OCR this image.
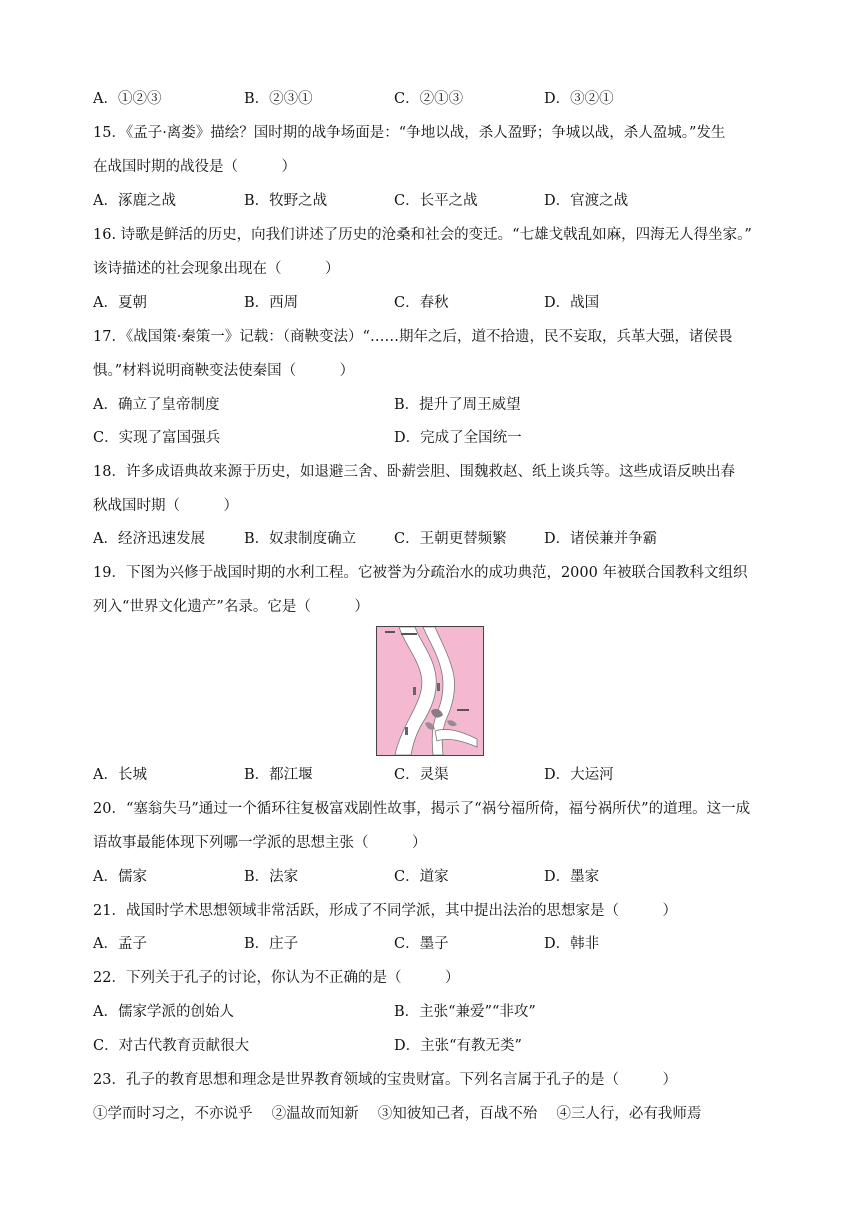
A．①②③	B．②③①	C．②①③	D．③②①
15．《孟子·离娄》描绘？国时期的战争场面是：“争地以战，杀人盈野；争城以战，杀人盈城。”发生
在战国时期的战役是（　　　）
A．涿鹿之战	B．牧野之战	C．长平之战	D．官渡之战
16. 诗歌是鲜活的历史，向我们讲述了历史的沧桑和社会的变迁。“七雄戈戟乱如麻，四海无人得坐家。”
该诗描述的社会现象出现在（　　　）
A．夏朝	B．西周	C．春秋	D．战国
17．《战国策·秦策一》记载：（商鞅变法）“……期年之后，道不拾遗，民不妄取，兵革大强，诸侯畏
惧。”材料说明商鞅变法使秦国（　　　）
A．确立了皇帝制度	B．提升了周王威望
C．实现了富国强兵	D．完成了全国统一
18．许多成语典故来源于历史，如退避三舍、卧薪尝胆、围魏救赵、纸上谈兵等。这些成语反映出春
秋战国时期（　　　）
A．经济迅速发展	B．奴隶制度确立	C．王朝更替频繁	D．诸侯兼并争霸
19．下图为兴修于战国时期的水利工程。它被誉为分疏治水的成功典范，2000 年被联合国教科文组织
列入“世界文化遗产”名录。它是（　　　）
A．长城	B．都江堰	C．灵渠	D．大运河
20．“塞翁失马”通过一个循环往复极富戏剧性故事，揭示了“祸兮福所倚，福兮祸所伏”的道理。这一成
语故事最能体现下列哪一学派的思想主张（　　　）
A．儒家	B．法家	C．道家	D．墨家
21．战国时学术思想领域非常活跃，形成了不同学派，其中提出法治的思想家是（　　　）
A．孟子	B．庄子	C．墨子	D．韩非
22．下列关于孔子的讨论，你认为不正确的是（　　　）
A．儒家学派的创始人	B．主张“兼爱”“非攻”
C．对古代教育贡献很大	D．主张“有教无类”
23．孔子的教育思想和理念是世界教育领域的宝贵财富。下列名言属于孔子的是（　　　）
①学而时习之，不亦说乎　 ②温故而知新　 ③知彼知己者，百战不殆　 ④三人行，必有我师焉
